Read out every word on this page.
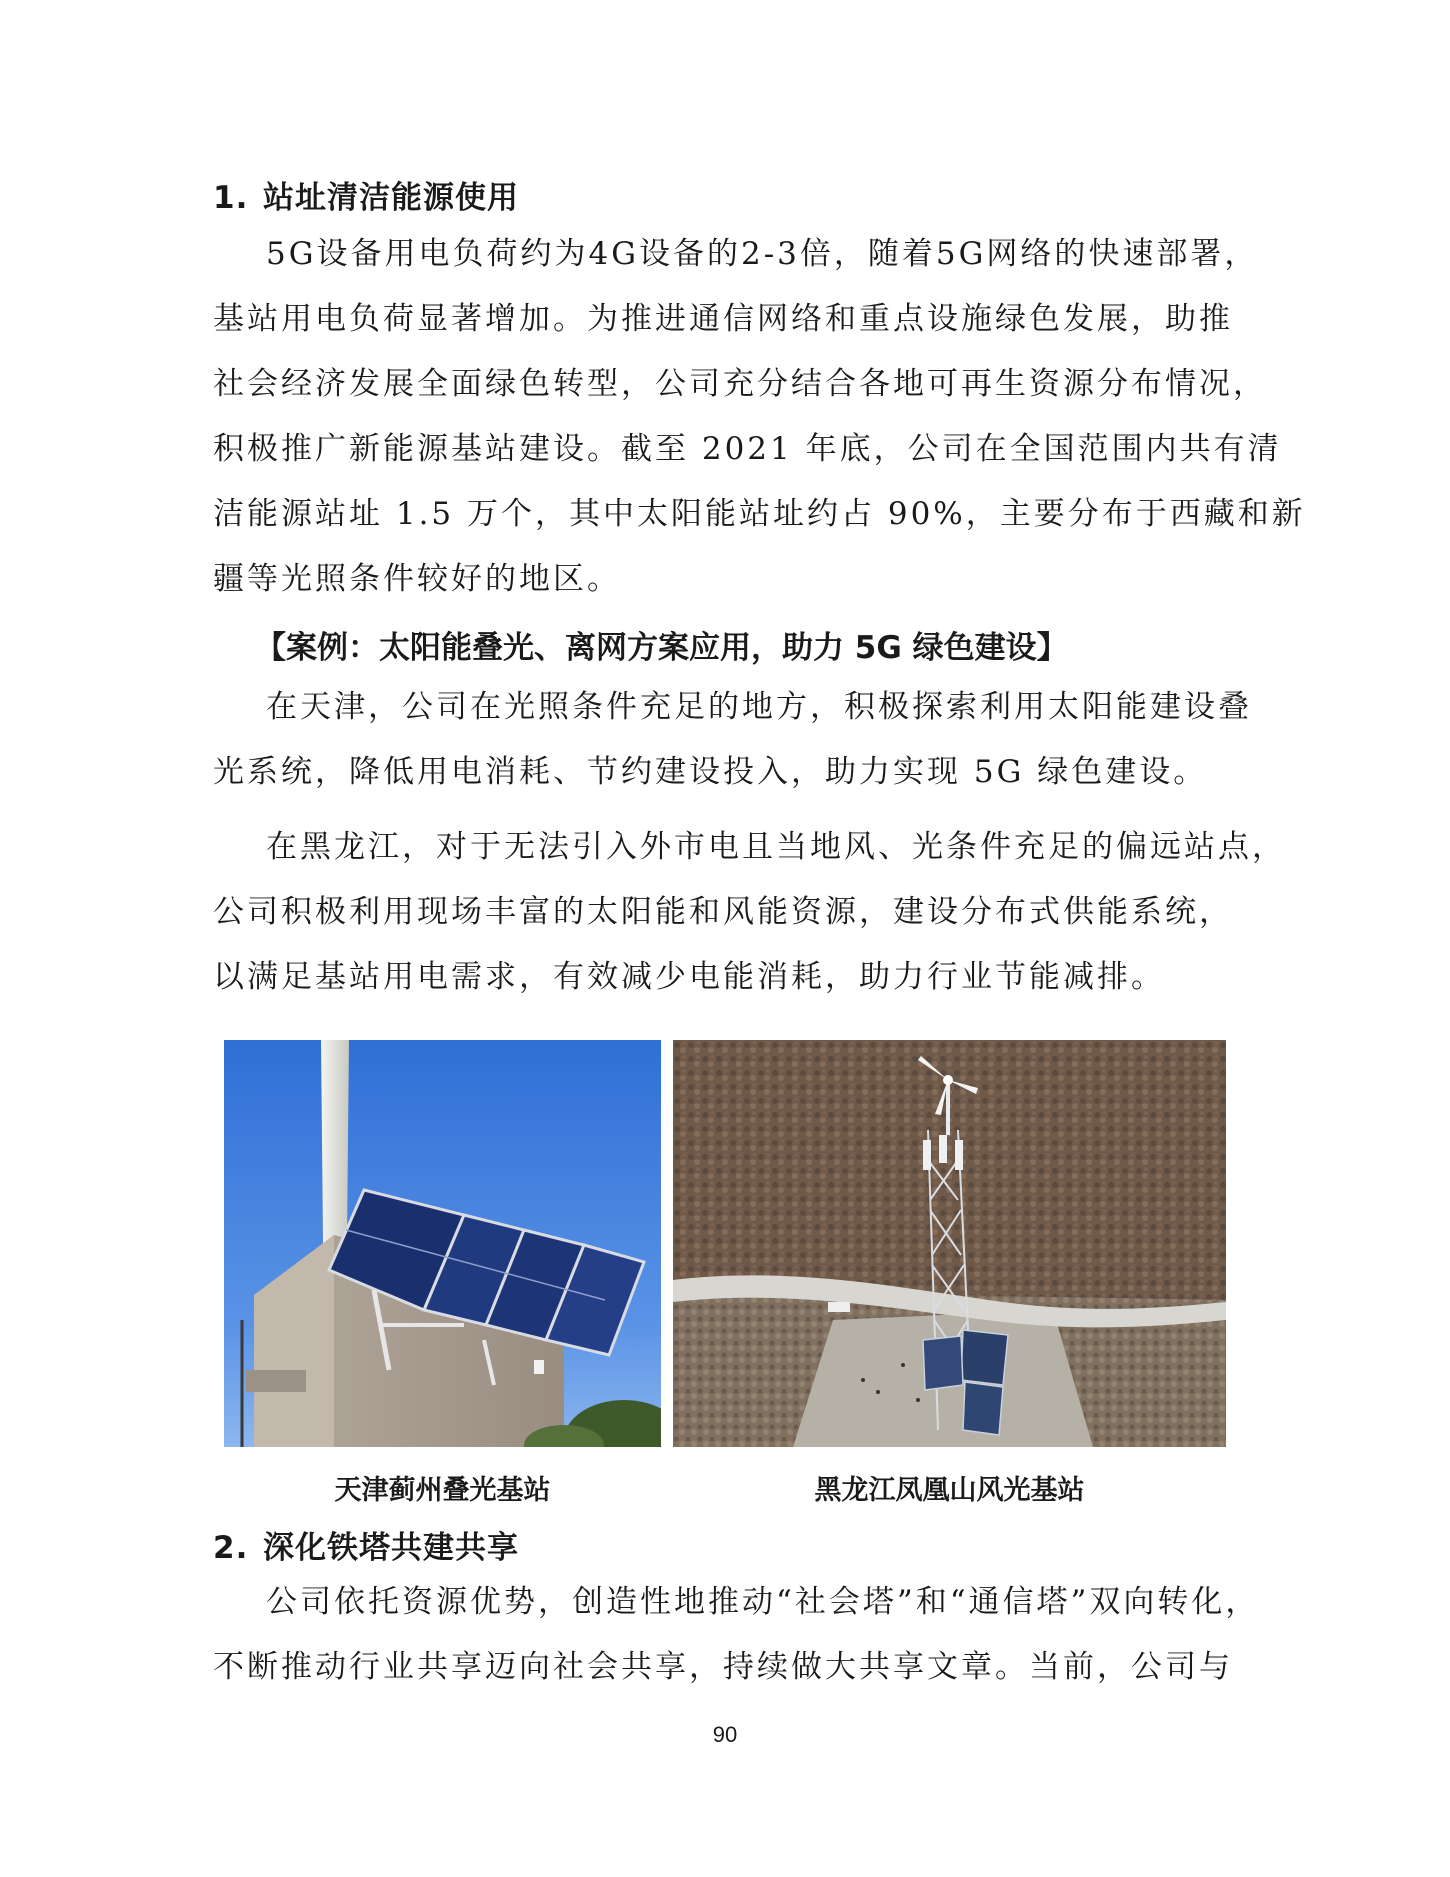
1. 站址清洁能源使用
5G设备用电负荷约为4G设备的2-3倍，随着5G网络的快速部署，
基站用电负荷显著增加。为推进通信网络和重点设施绿色发展，助推
社会经济发展全面绿色转型，公司充分结合各地可再生资源分布情况，
积极推广新能源基站建设。截至 2021 年底，公司在全国范围内共有清
洁能源站址 1.5 万个，其中太阳能站址约占 90%，主要分布于西藏和新
疆等光照条件较好的地区。
【案例：太阳能叠光、离网方案应用，助力 5G 绿色建设】
在天津，公司在光照条件充足的地方，积极探索利用太阳能建设叠
光系统，降低用电消耗、节约建设投入，助力实现 5G 绿色建设。
在黑龙江，对于无法引入外市电且当地风、光条件充足的偏远站点，
公司积极利用现场丰富的太阳能和风能资源，建设分布式供能系统，
以满足基站用电需求，有效减少电能消耗，助力行业节能减排。
天津蓟州叠光基站	黑龙江凤凰山风光基站
2. 深化铁塔共建共享
公司依托资源优势，创造性地推动“社会塔”和“通信塔”双向转化，
不断推动行业共享迈向社会共享，持续做大共享文章。当前，公司与
90
